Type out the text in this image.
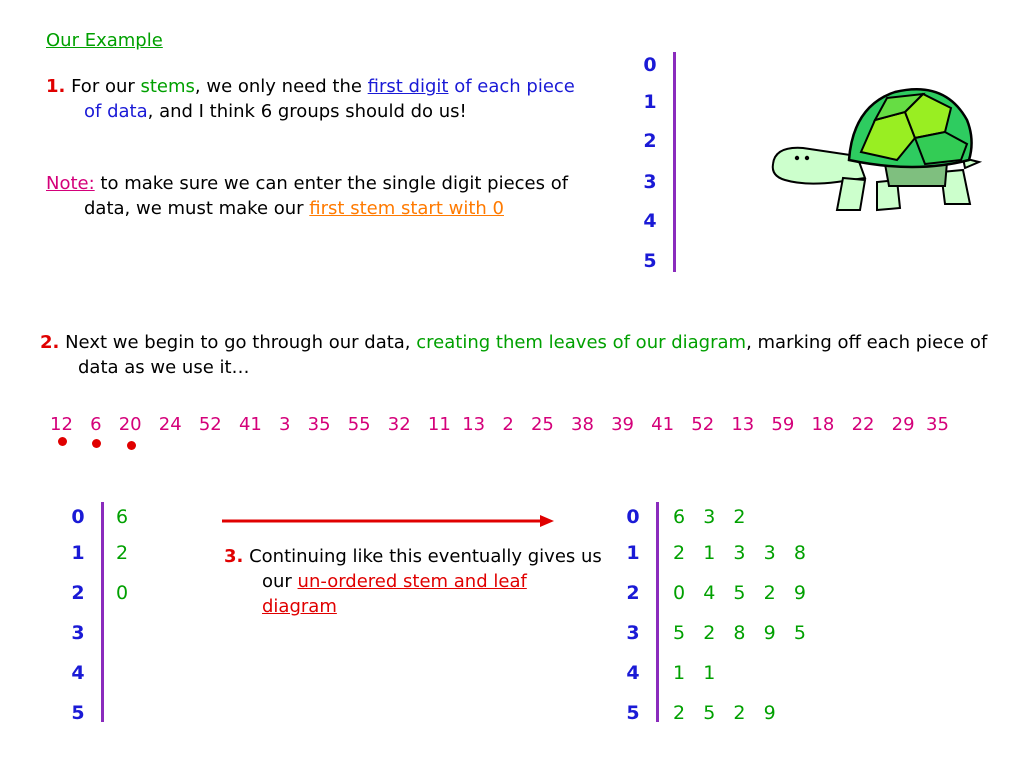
Our Example
1. For our stems, we only need the first digit of each piece of data, and I think 6 groups should do us!
Note: to make sure we can enter the single digit pieces of data, we must make our first stem start with 0
0
1
2
3
4
5
2. Next we begin to go through our data, creating them leaves of our diagram, marking off each piece of data as we use it…
12 6 20 24 52 41 3 35 55 32 11 13 2 25 38 39 41 52 13 59 18 22 29 35
0
1
2
3
4
5
6
2
0
3. Continuing like this eventually gives us our un-ordered stem and leaf diagram
0
1
2
3
4
5
6   3   2
2   1   3   3   8
0   4   5   2   9
5   2   8   9   5
1   1
2   5   2   9
